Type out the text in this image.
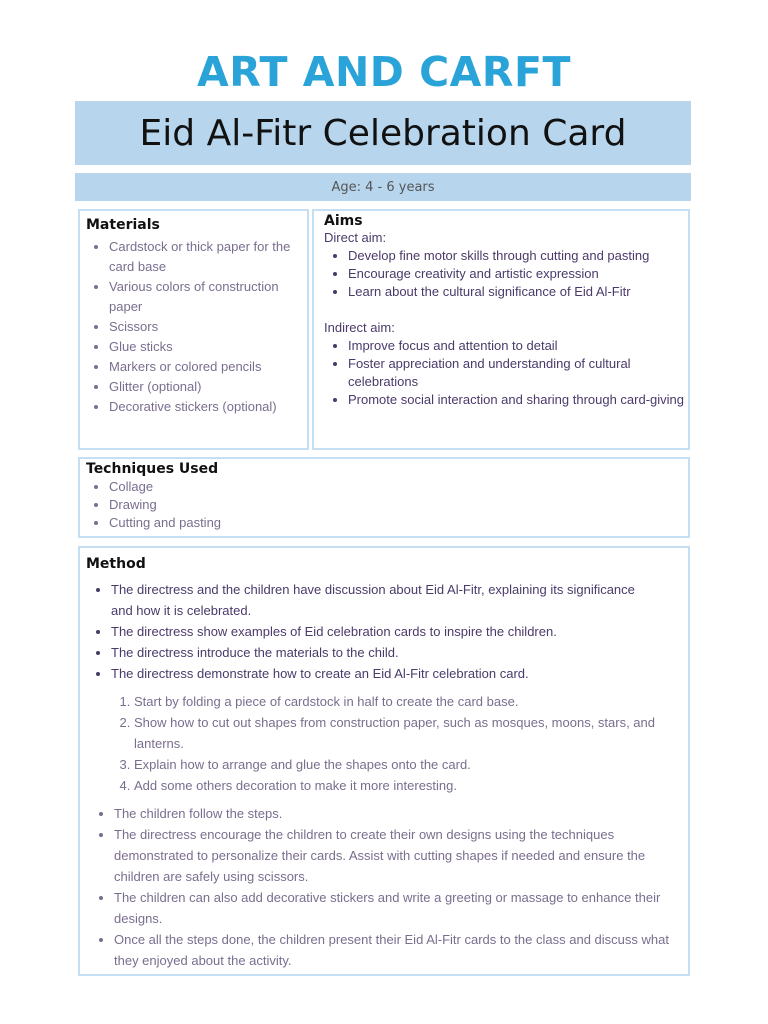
ART AND CARFT
Eid Al-Fitr Celebration Card
Age: 4 - 6 years
Materials
• Cardstock or thick paper for the card base
• Various colors of construction paper
• Scissors
• Glue sticks
• Markers or colored pencils
• Glitter (optional)
• Decorative stickers (optional)
Aims
Direct aim:
• Develop fine motor skills through cutting and pasting
• Encourage creativity and artistic expression
• Learn about the cultural significance of Eid Al-Fitr
Indirect aim:
• Improve focus and attention to detail
• Foster appreciation and understanding of cultural celebrations
• Promote social interaction and sharing through card-giving
Techniques Used
• Collage
• Drawing
• Cutting and pasting
Method
• The directress and the children have discussion about Eid Al-Fitr, explaining its significance and how it is celebrated.
• The directress show examples of Eid celebration cards to inspire the children.
• The directress introduce the materials to the child.
• The directress demonstrate how to create an Eid Al-Fitr celebration card.
1. Start by folding a piece of cardstock in half to create the card base.
2. Show how to cut out shapes from construction paper, such as mosques, moons, stars, and lanterns.
3. Explain how to arrange and glue the shapes onto the card.
4. Add some others decoration to make it more interesting.
• The children follow the steps.
• The directress encourage the children to create their own designs using the techniques demonstrated to personalize their cards. Assist with cutting shapes if needed and ensure the children are safely using scissors.
• The children can also add decorative stickers and write a greeting or massage to enhance their designs.
• Once all the steps done, the children present their Eid Al-Fitr cards to the class and discuss what they enjoyed about the activity.
